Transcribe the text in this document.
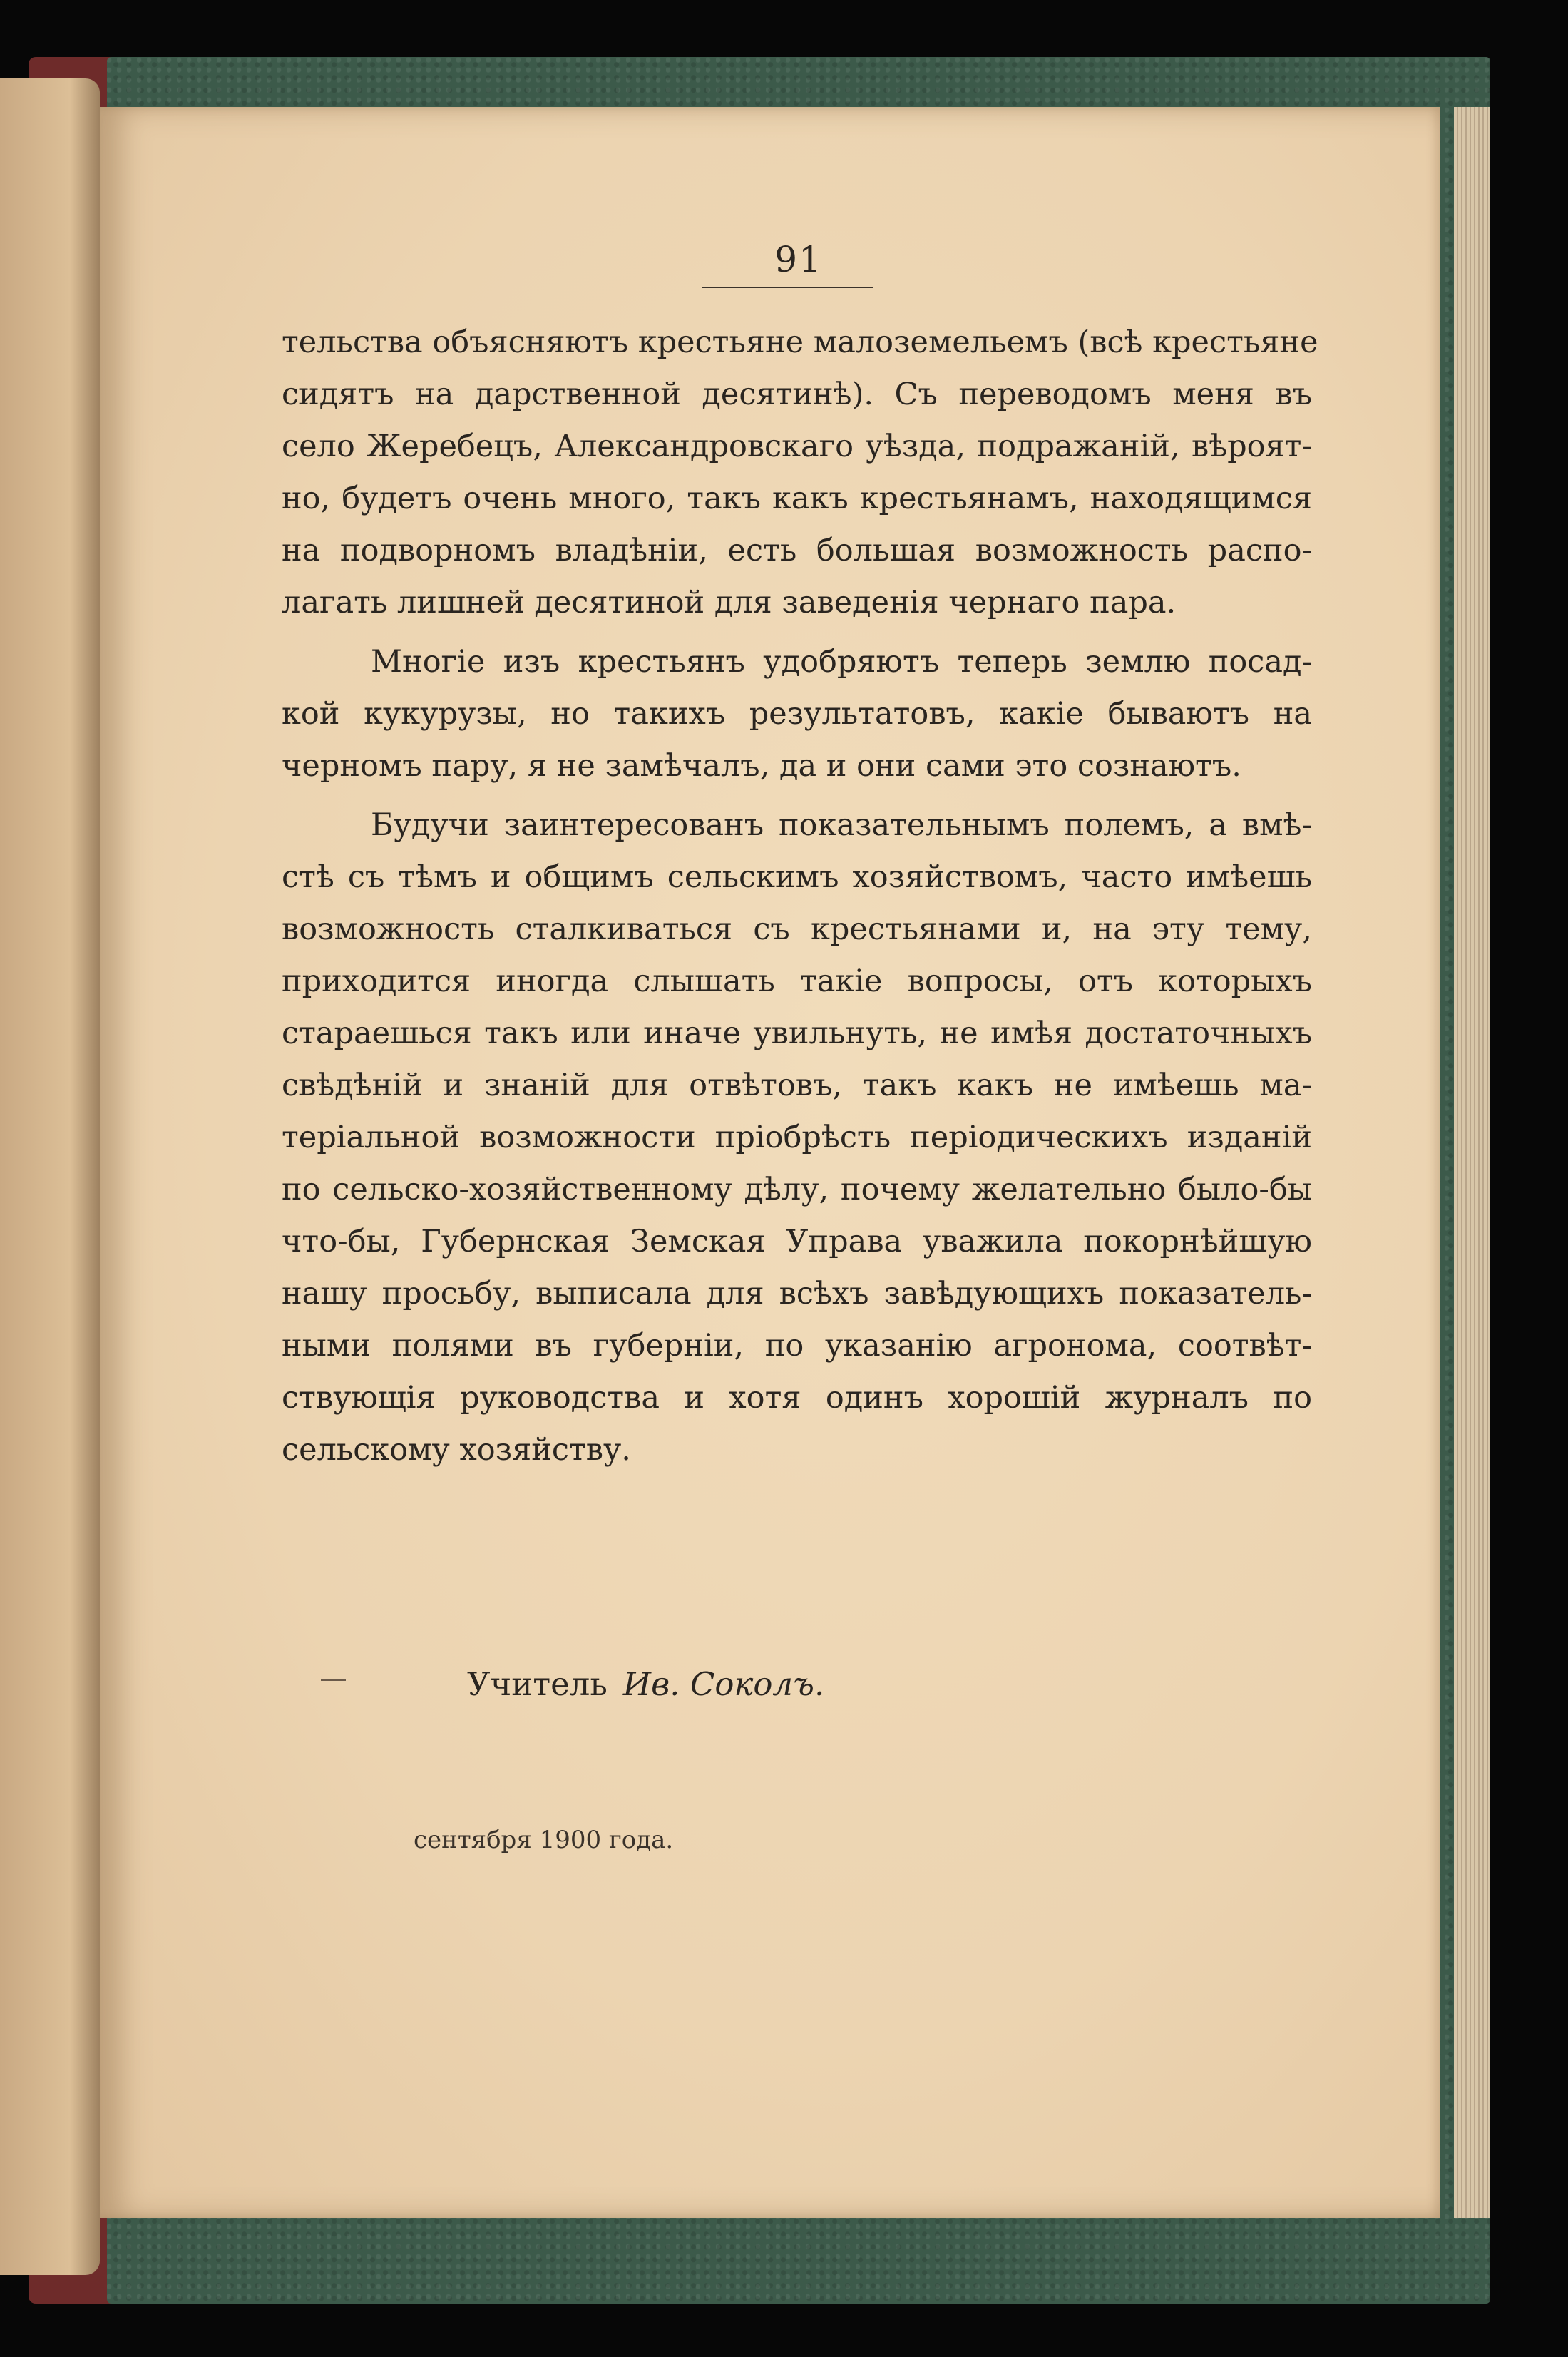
91
тельства объясняютъ крестьяне малоземельемъ (всѣ крестьяне
сидятъ на дарственной десятинѣ). Съ переводомъ меня въ
село Жеребецъ, Александровскаго уѣзда, подражаній, вѣроят-
но, будетъ очень много, такъ какъ крестьянамъ, находящимся
на подворномъ владѣніи, есть большая возможность распо-
лагать лишней десятиной для заведенія чернаго пара.
Многіе изъ крестьянъ удобряютъ теперь землю посад-
кой кукурузы, но такихъ результатовъ, какіе бываютъ на
черномъ пару, я не замѣчалъ, да и они сами это сознаютъ.
Будучи заинтересованъ показательнымъ полемъ, а вмѣ-
стѣ съ тѣмъ и общимъ сельскимъ хозяйствомъ, часто имѣешь
возможность сталкиваться съ крестьянами и, на эту тему,
приходится иногда слышать такіе вопросы, отъ которыхъ
стараешься такъ или иначе увильнуть, не имѣя достаточныхъ
свѣдѣній и знаній для отвѣтовъ, такъ какъ не имѣешь ма-
теріальной возможности пріобрѣсть періодическихъ изданій
по сельско-хозяйственному дѣлу, почему желательно было-бы
что-бы, Губернская Земская Управа уважила покорнѣйшую
нашу просьбу, выписала для всѣхъ завѣдующихъ показатель-
ными полями въ губерніи, по указанію агронома, соотвѣт-
ствующія руководства и хотя одинъ хорошій журналъ по
сельскому хозяйству.
Учитель Ив. Соколъ.
сентября 1900 года.
